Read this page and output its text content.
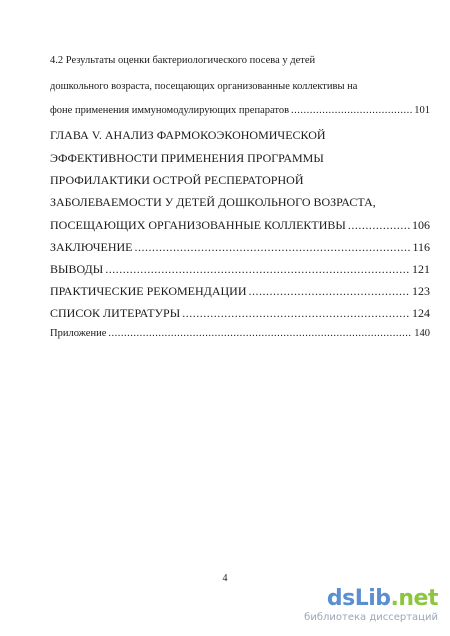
4.2 Результаты оценки бактериологического посева у детей
дошкольного возраста, посещающих организованные коллективы на
фоне применения иммуномодулирующих препаратов .....	101
ГЛАВА V. АНАЛИЗ ФАРМОКОЭКОНОМИЧЕСКОЙ
ЭФФЕКТИВНОСТИ ПРИМЕНЕНИЯ ПРОГРАММЫ
ПРОФИЛАКТИКИ ОСТРОЙ РЕСПЕРАТОРНОЙ
ЗАБОЛЕВАЕМОСТИ У ДЕТЕЙ ДОШКОЛЬНОГО ВОЗРАСТА,
ПОСЕЩАЮЩИХ ОРГАНИЗОВАННЫЕ КОЛЛЕКТИВЫ .....	106
ЗАКЛЮЧЕНИЕ .....	116
ВЫВОДЫ .....	121
ПРАКТИЧЕСКИЕ РЕКОМЕНДАЦИИ .....	123
СПИСОК ЛИТЕРАТУРЫ .....	124
Приложение .....	140
4
dsLib.net
библиотека диссертаций
